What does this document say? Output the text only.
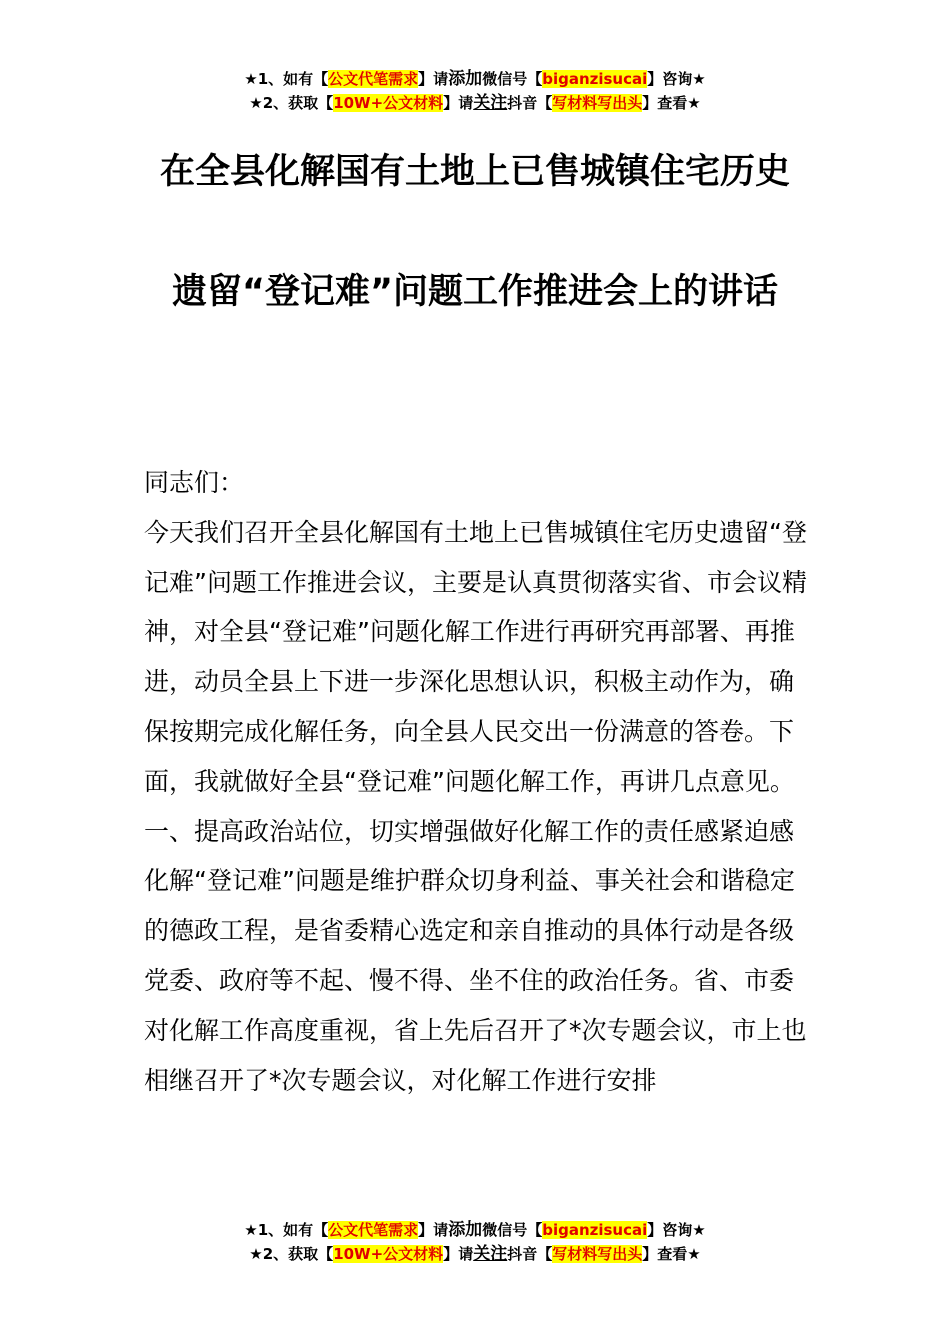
★1、如有【公文代笔需求】请添加微信号【biganzisucai】咨询★
★2、获取【10W+公文材料】请关注抖音【写材料写出头】查看★
在全县化解国有土地上已售城镇住宅历史
遗留“登记难”问题工作推进会上的讲话

同志们：

今天我们召开全县化解国有土地上已售城镇住宅历史遗留“登记难”问题工作推进会议，主要是认真贯彻落实省、市会议精神，对全县“登记难”问题化解工作进行再研究再部署、再推进，动员全县上下进一步深化思想认识，积极主动作为，确保按期完成化解任务，向全县人民交出一份满意的答卷。下面，我就做好全县“登记难”问题化解工作，再讲几点意见。

一、提高政治站位，切实增强做好化解工作的责任感紧迫感

化解“登记难”问题是维护群众切身利益、事关社会和谐稳定的德政工程，是省委精心选定和亲自推动的具体行动是各级党委、政府等不起、慢不得、坐不住的政治任务。省、市委对化解工作高度重视，省上先后召开了*次专题会议，市上也相继召开了*次专题会议，对化解工作进行安排

★1、如有【公文代笔需求】请添加微信号【biganzisucai】咨询★
★2、获取【10W+公文材料】请关注抖音【写材料写出头】查看★
